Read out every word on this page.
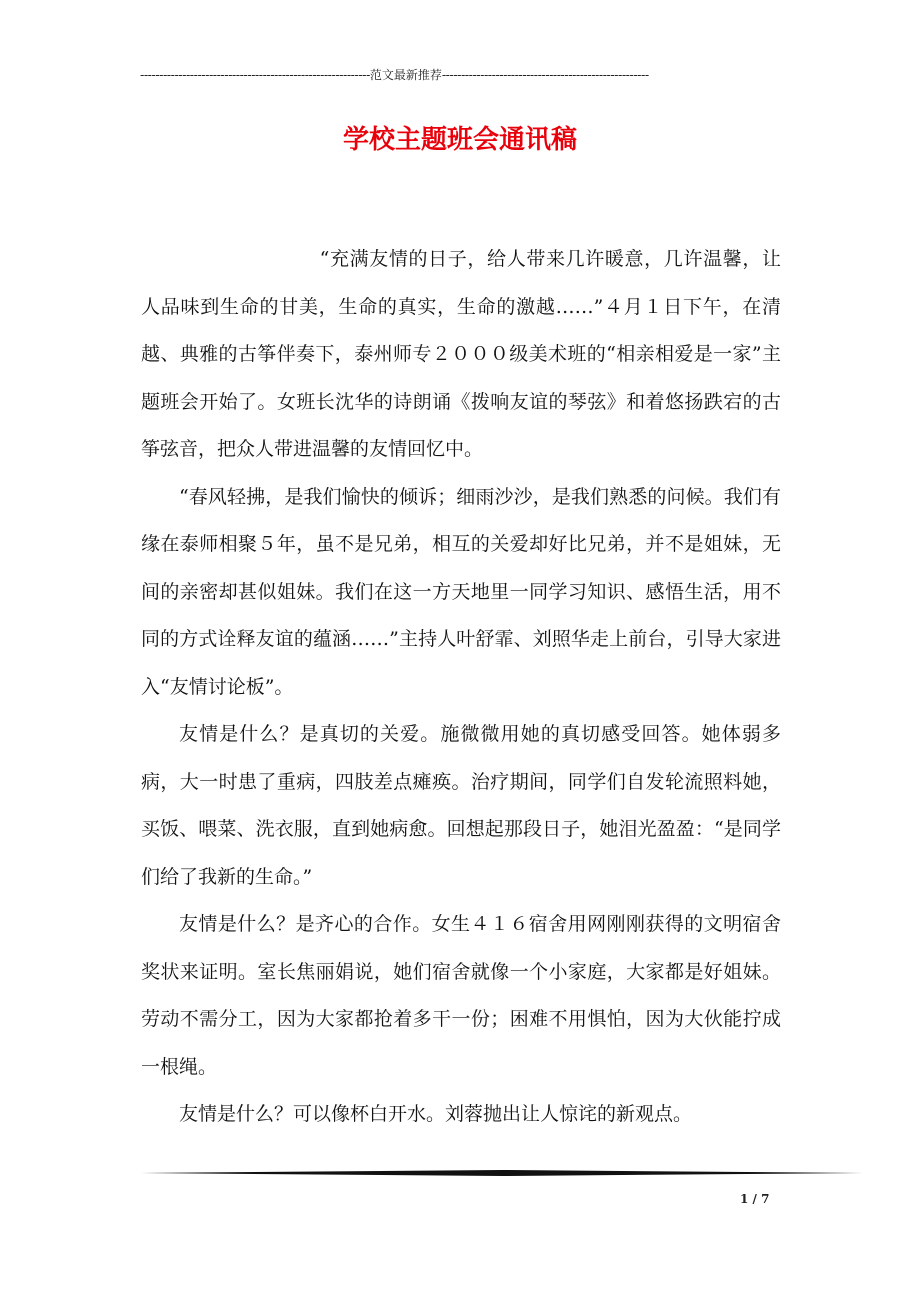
------------------------------------------------------------范文最新推荐------------------------------------------------------
学校主题班会通讯稿

“充满友情的日子，给人带来几许暖意，几许温馨，让人品味到生命的甘美，生命的真实，生命的激越……”４月１日下午，在清越、典雅的古筝伴奏下，泰州师专２０００级美术班的“相亲相爱是一家”主题班会开始了。女班长沈华的诗朗诵《拨响友谊的琴弦》和着悠扬跌宕的古筝弦音，把众人带进温馨的友情回忆中。

“春风轻拂，是我们愉快的倾诉；细雨沙沙，是我们熟悉的问候。我们有缘在泰师相聚５年，虽不是兄弟，相互的关爱却好比兄弟，并不是姐妹，无间的亲密却甚似姐妹。我们在这一方天地里一同学习知识、感悟生活，用不同的方式诠释友谊的蕴涵……”主持人叶舒霏、刘照华走上前台，引导大家进入“友情讨论板”。

友情是什么？是真切的关爱。施微微用她的真切感受回答。她体弱多病，大一时患了重病，四肢差点瘫痪。治疗期间，同学们自发轮流照料她，买饭、喂菜、洗衣服，直到她病愈。回想起那段日子，她泪光盈盈：“是同学们给了我新的生命。”

友情是什么？是齐心的合作。女生４１６宿舍用网刚刚获得的文明宿舍奖状来证明。室长焦丽娟说，她们宿舍就像一个小家庭，大家都是好姐妹。劳动不需分工，因为大家都抢着多干一份；困难不用惧怕，因为大伙能拧成一根绳。

友情是什么？可以像杯白开水。刘蓉抛出让人惊诧的新观点。

1 / 7
